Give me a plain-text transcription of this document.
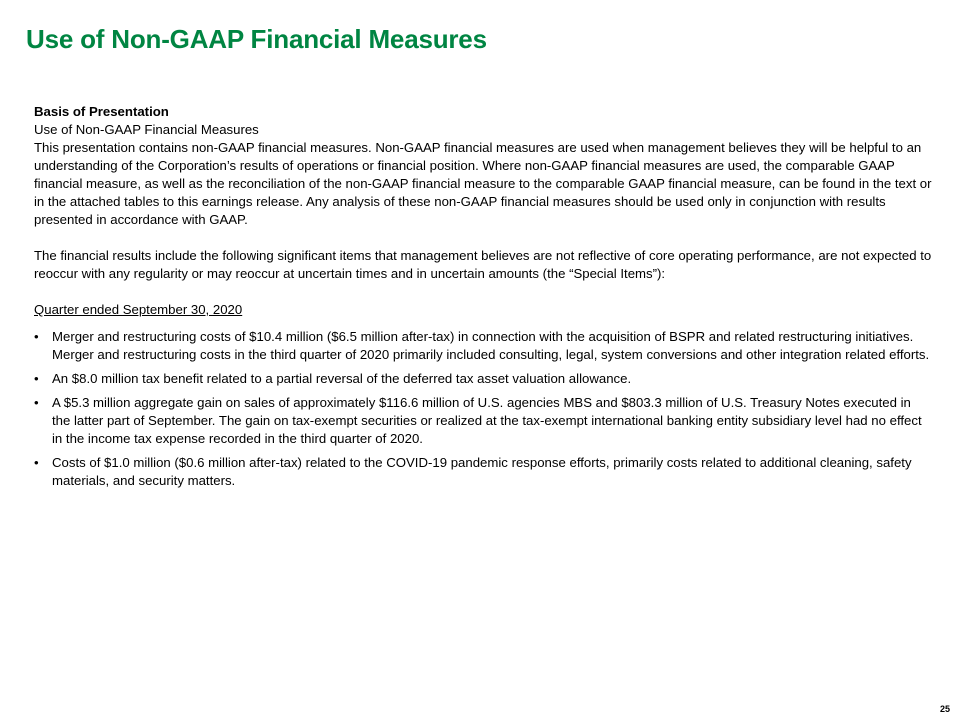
Use of Non-GAAP Financial Measures

Basis of Presentation

Use of Non-GAAP Financial Measures

This presentation contains non-GAAP financial measures. Non-GAAP financial measures are used when management believes they will be helpful to an understanding of the Corporation’s results of operations or financial position. Where non-GAAP financial measures are used, the comparable GAAP financial measure, as well as the reconciliation of the non-GAAP financial measure to the comparable GAAP financial measure, can be found in the text or in the attached tables to this earnings release. Any analysis of these non-GAAP financial measures should be used only in conjunction with results presented in accordance with GAAP.

The financial results include the following significant items that management believes are not reflective of core operating performance, are not expected to reoccur with any regularity or may reoccur at uncertain times and in uncertain amounts (the “Special Items”):

Quarter ended September 30, 2020

• Merger and restructuring costs of $10.4 million ($6.5 million after-tax) in connection with the acquisition of BSPR and related restructuring initiatives. Merger and restructuring costs in the third quarter of 2020 primarily included consulting, legal, system conversions and other integration related efforts.
• An $8.0 million tax benefit related to a partial reversal of the deferred tax asset valuation allowance.
• A $5.3 million aggregate gain on sales of approximately $116.6 million of U.S. agencies MBS and $803.3 million of U.S. Treasury Notes executed in the latter part of September. The gain on tax-exempt securities or realized at the tax-exempt international banking entity subsidiary level had no effect in the income tax expense recorded in the third quarter of 2020.
• Costs of $1.0 million ($0.6 million after-tax) related to the COVID-19 pandemic response efforts, primarily costs related to additional cleaning, safety materials, and security matters.
25
